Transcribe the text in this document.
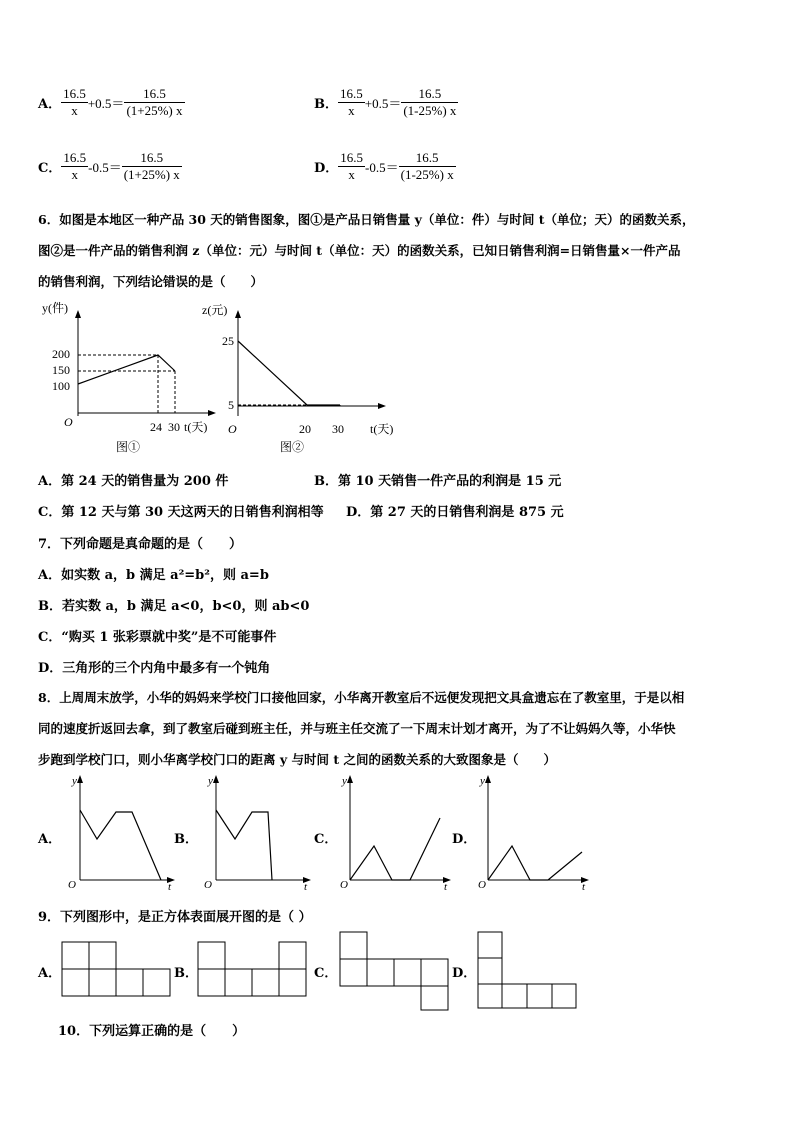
A． $\frac{16.5}{x} +0.5= \frac{16.5}{(1+25\%) x}$	B． $\frac{16.5}{x} +0.5= \frac{16.5}{(1-25\%) x}$
C． $\frac{16.5}{x} -0.5= \frac{16.5}{(1+25\%) x}$	D． $\frac{16.5}{x} -0.5= \frac{16.5}{(1-25\%) x}$
6．如图是本地区一种产品 30 天的销售图象，图①是产品日销售量 y（单位：件）与时间 t（单位；天）的函数关系，
图②是一件产品的销售利润 z（单位：元）与时间 t（单位：天）的函数关系，已知日销售利润=日销售量×一件产品
的销售利润，下列结论错误的是（　　）
y(件)
200
150
100
O	24 30 t(天)
图①
z(元)
25
5
O	20 30 t(天)
图②
A．第 24 天的销售量为 200 件	B．第 10 天销售一件产品的利润是 15 元
C．第 12 天与第 30 天这两天的日销售利润相等 D．第 27 天的日销售利润是 875 元
7．下列命题是真命题的是（　　）
A．如实数 a，b 满足 a²=b²，则 a=b
B．若实数 a，b 满足 a<0，b<0，则 ab<0
C．“购买 1 张彩票就中奖”是不可能事件
D．三角形的三个内角中最多有一个钝角
8．上周周末放学，小华的妈妈来学校门口接他回家，小华离开教室后不远便发现把文具盒遗忘在了教室里，于是以相
同的速度折返回去拿，到了教室后碰到班主任，并与班主任交流了一下周末计划才离开，为了不让妈妈久等，小华快
步跑到学校门口，则小华离学校门口的距离 y 与时间 t 之间的函数关系的大致图象是（　　）
A．
y
O	t
B．
y
O	t
C．
y
O	t
D．
y
O	t
9．下列图形中，是正方体表面展开图的是（ ）
A．	B．	C．	D．
10．下列运算正确的是（　　）
